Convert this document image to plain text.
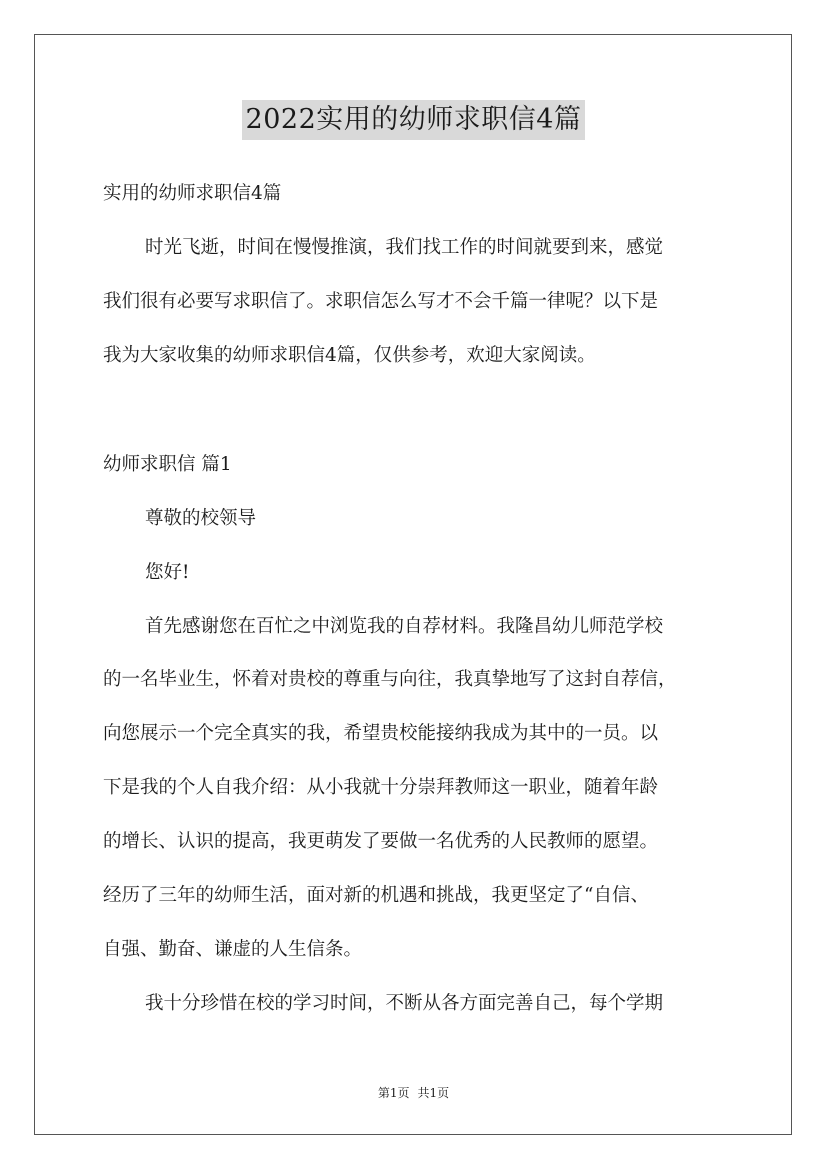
2022实用的幼师求职信4篇
实用的幼师求职信4篇
时光飞逝，时间在慢慢推演，我们找工作的时间就要到来，感觉
我们很有必要写求职信了。求职信怎么写才不会千篇一律呢？以下是
我为大家收集的幼师求职信4篇，仅供参考，欢迎大家阅读。
幼师求职信 篇1
尊敬的校领导
您好!
首先感谢您在百忙之中浏览我的自荐材料。我隆昌幼儿师范学校
的一名毕业生，怀着对贵校的尊重与向往，我真挚地写了这封自荐信，
向您展示一个完全真实的我，希望贵校能接纳我成为其中的一员。以
下是我的个人自我介绍：从小我就十分崇拜教师这一职业，随着年龄
的增长、认识的提高，我更萌发了要做一名优秀的人民教师的愿望。
经历了三年的幼师生活，面对新的机遇和挑战，我更坚定了“自信、
自强、勤奋、谦虚的人生信条。
我十分珍惜在校的学习时间，不断从各方面完善自己，每个学期
第1页 共1页
